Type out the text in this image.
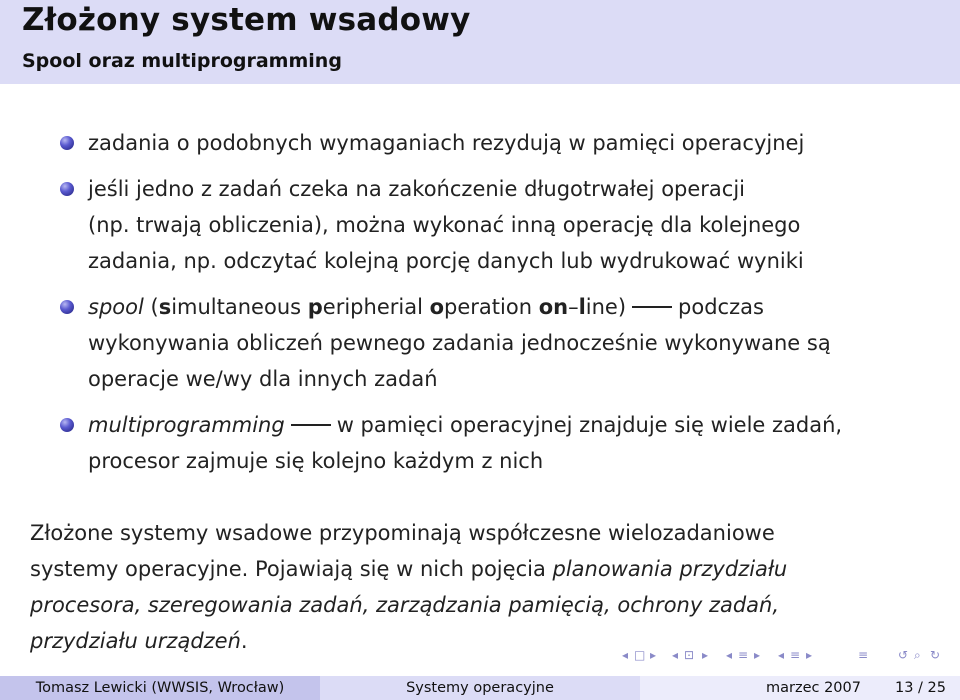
Złożony system wsadowy
Spool oraz multiprogramming
zadania o podobnych wymaganiach rezydują w pamięci operacyjnej
jeśli jedno z zadań czeka na zakończenie długotrwałej operacji
(np. trwają obliczenia), można wykonać inną operację dla kolejnego
zadania, np. odczytać kolejną porcję danych lub wydrukować wyniki
spool (simultaneous peripherial operation on–line) podczas
wykonywania obliczeń pewnego zadania jednocześnie wykonywane są
operacje we/wy dla innych zadań
multiprogramming w pamięci operacyjnej znajduje się wiele zadań,
procesor zajmuje się kolejno każdym z nich
Złożone systemy wsadowe przypominają współczesne wielozadaniowe
systemy operacyjne. Pojawiają się w nich pojęcia planowania przydziału
procesora, szeregowania zadań, zarządzania pamięcią, ochrony zadań,
przydziału urządzeń.
◂ □ ▸ ◂ ⊡ ▸ ◂ ≡ ▸ ◂ ≡ ▸	≡ ↺ ⌕ ↻
Tomasz Lewicki (WWSIS, Wrocław)	Systemy operacyjne	marzec 2007 13 / 25
